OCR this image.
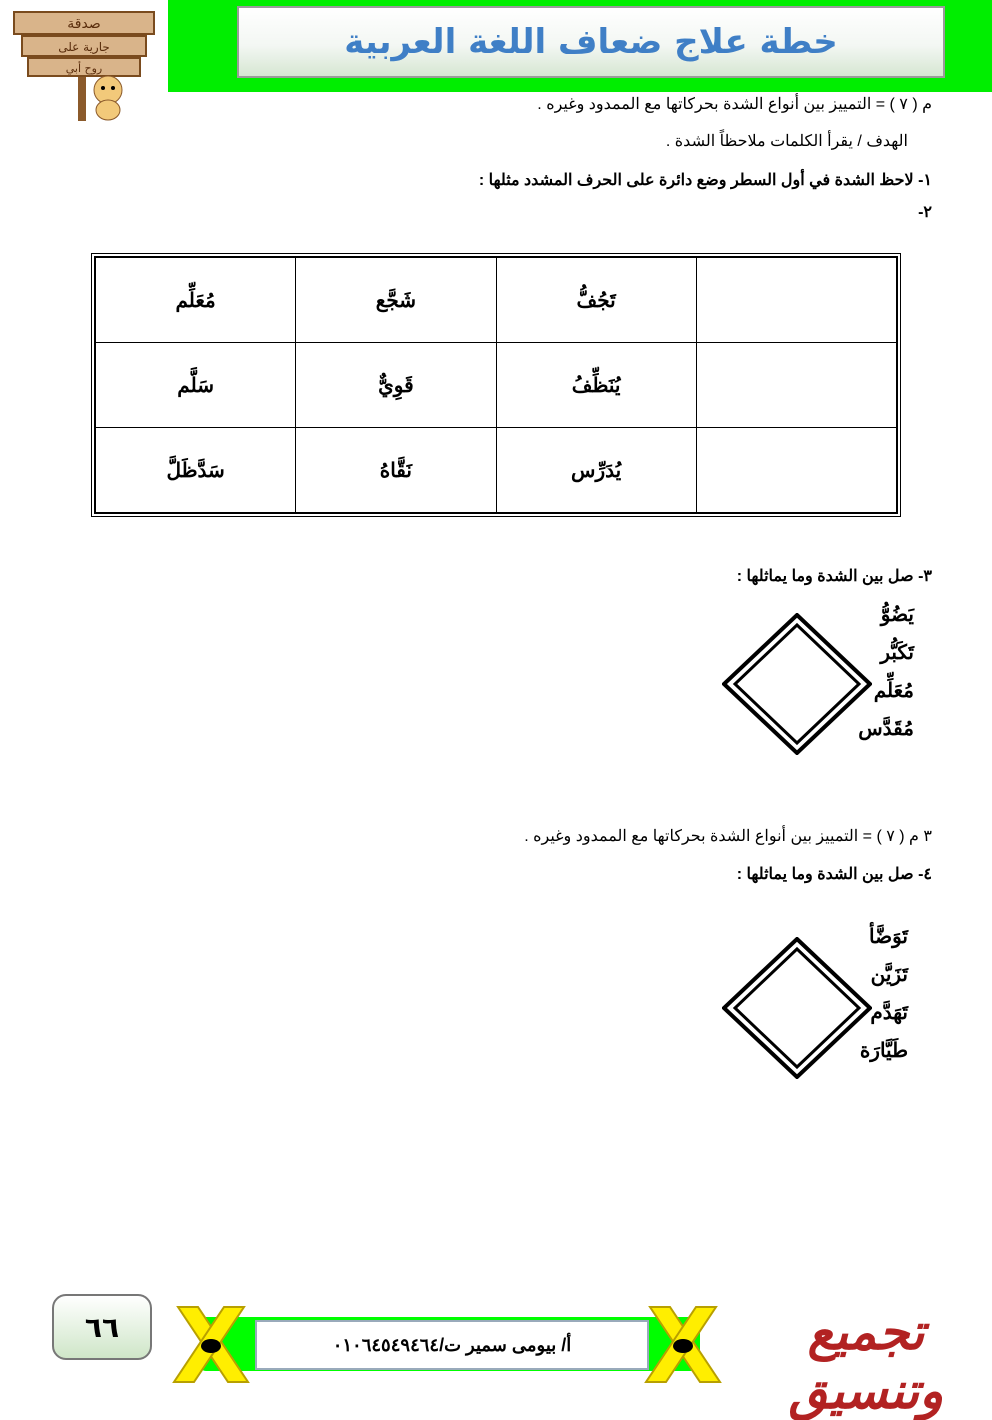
خطة علاج ضعاف اللغة العربية
صدقة
جارية على
روح أبي
م ( ٧ ) = التمييز بين أنواع الشدة بحركاتها مع الممدود وغيره .
الهدف / يقرأ الكلمات ملاحظاً الشدة .
١- لاحظ الشدة في أول السطر وضع دائرة على الحرف المشدد مثلها :
٢-
	تَجُفُّ	شَجَّع	مُعَلِّم
	يُنَظِّفُ	قَوِيٌّ	سَلَّم
	يُدَرِّس	نَقَّاهُ	سَدَّظَلَّ
٣- صل بين الشدة وما يماثلها :
يَضُوُّ
تَكَبُّر
مُعَلِّم
مُقَدَّس
٣ م ( ٧ ) = التمييز بين أنواع الشدة بحركاتها مع الممدود وغيره .
٤- صل بين الشدة وما يماثلها :
تَوَضَّأ
تَزَيَّن
تَهَدَّم
طَيَّارَة
٦٦
أ/ بيومى سمير ت/٠١٠٦٤٥٤٩٤٦٤	تجميع وتنسيق
